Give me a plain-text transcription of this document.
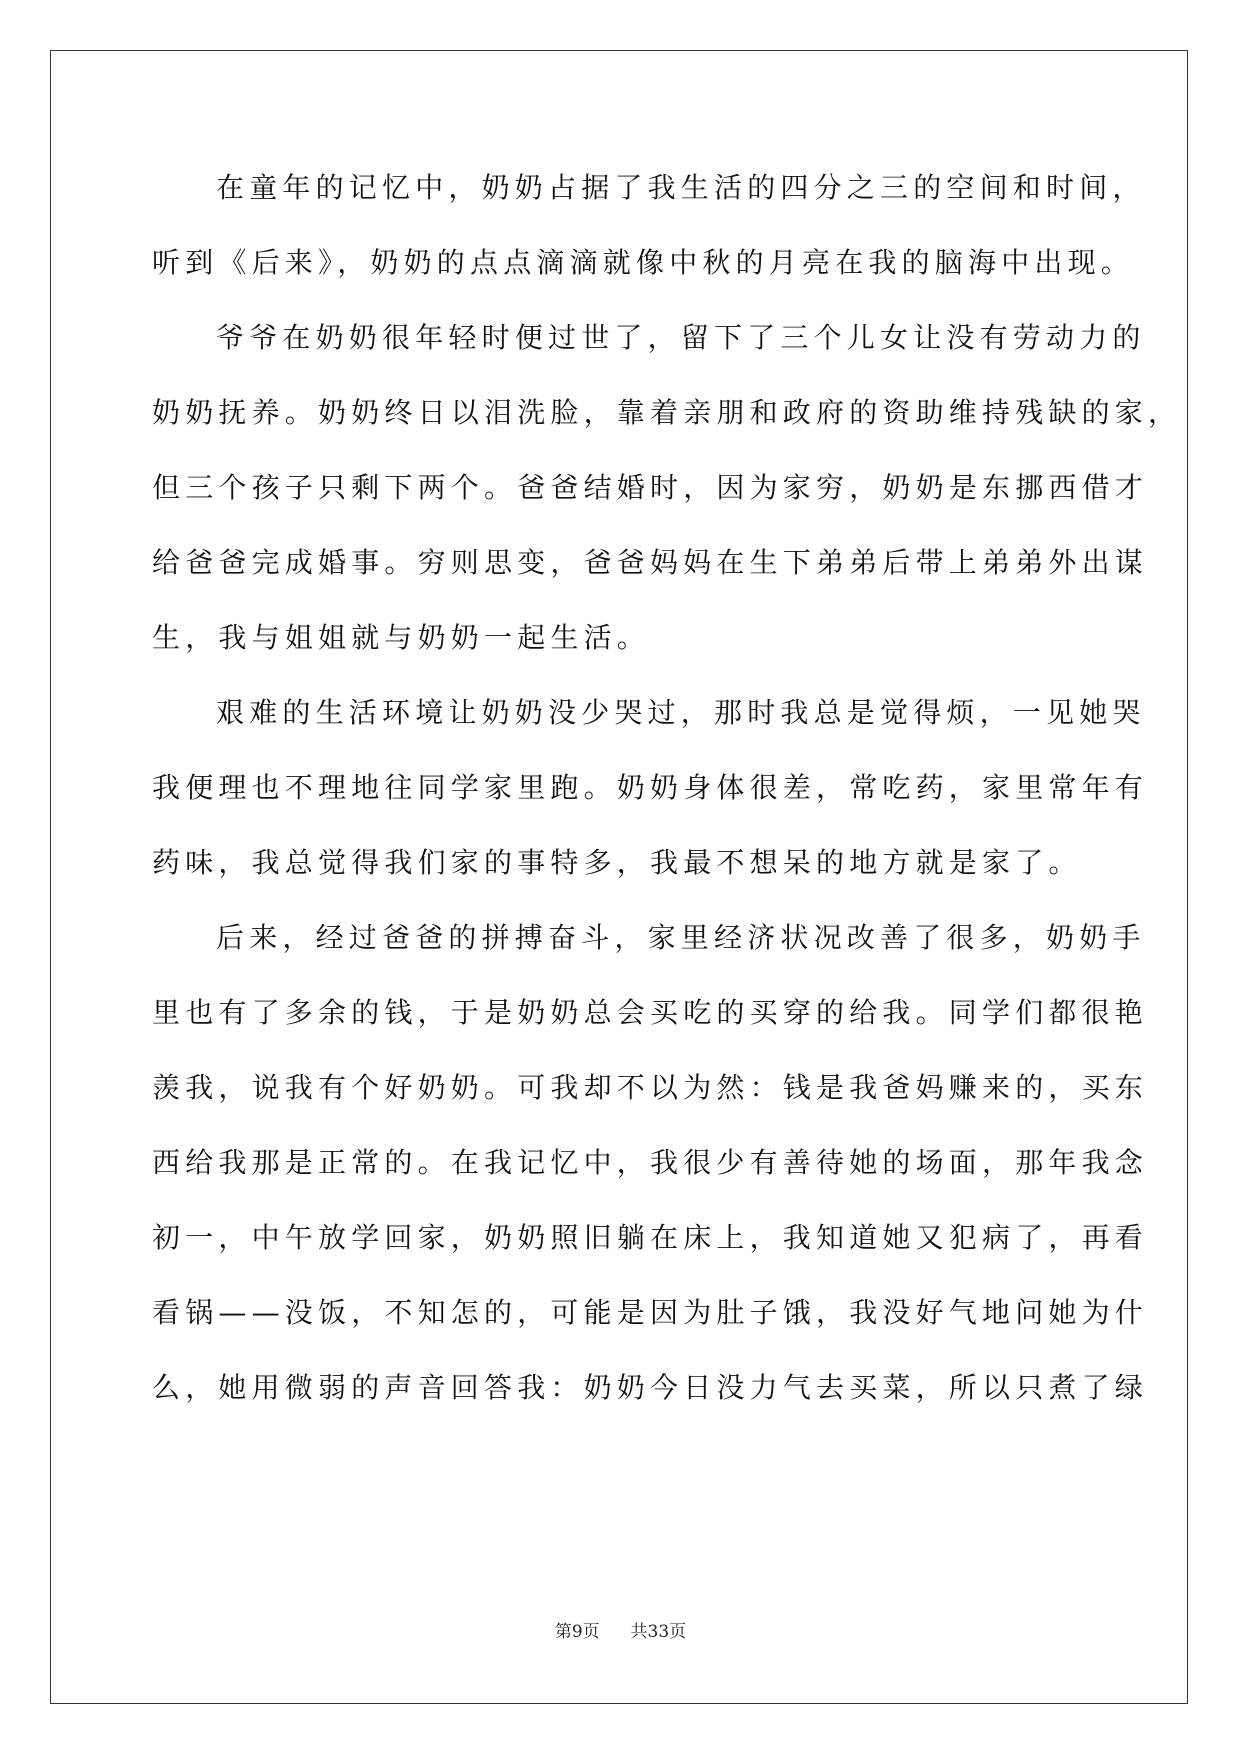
在童年的记忆中，奶奶占据了我生活的四分之三的空间和时间，
听到《后来》，奶奶的点点滴滴就像中秋的月亮在我的脑海中出现。
爷爷在奶奶很年轻时便过世了，留下了三个儿女让没有劳动力的
奶奶抚养。奶奶终日以泪洗脸，靠着亲朋和政府的资助维持残缺的家，
但三个孩子只剩下两个。爸爸结婚时，因为家穷，奶奶是东挪西借才
给爸爸完成婚事。穷则思变，爸爸妈妈在生下弟弟后带上弟弟外出谋
生，我与姐姐就与奶奶一起生活。
艰难的生活环境让奶奶没少哭过，那时我总是觉得烦，一见她哭
我便理也不理地往同学家里跑。奶奶身体很差，常吃药，家里常年有
药味，我总觉得我们家的事特多，我最不想呆的地方就是家了。
后来，经过爸爸的拼搏奋斗，家里经济状况改善了很多，奶奶手
里也有了多余的钱，于是奶奶总会买吃的买穿的给我。同学们都很艳
羡我，说我有个好奶奶。可我却不以为然：钱是我爸妈赚来的，买东
西给我那是正常的。在我记忆中，我很少有善待她的场面，那年我念
初一，中午放学回家，奶奶照旧躺在床上，我知道她又犯病了，再看
看锅——没饭，不知怎的，可能是因为肚子饿，我没好气地问她为什
么，她用微弱的声音回答我：奶奶今日没力气去买菜，所以只煮了绿
第9页 共33页
